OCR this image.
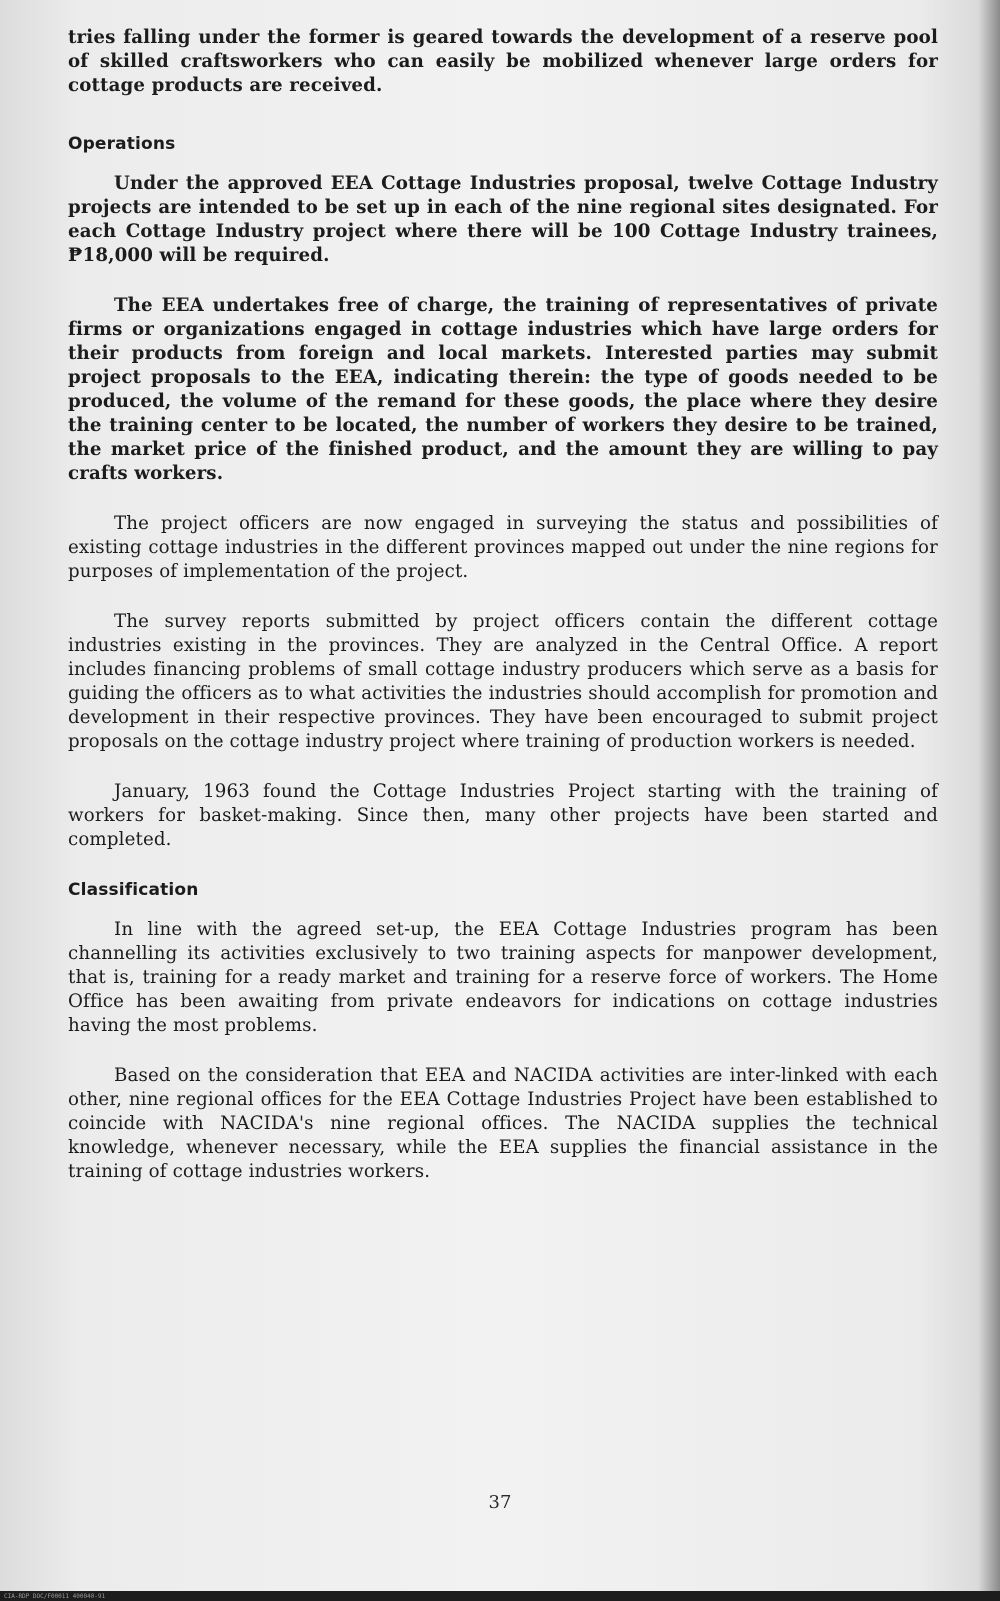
tries falling under the former is geared towards the development of a reserve pool of skilled craftsworkers who can easily be mobilized whenever large orders for cottage products are received.

Operations

Under the approved EEA Cottage Industries proposal, twelve Cottage Industry projects are intended to be set up in each of the nine regional sites designated. For each Cottage Industry project where there will be 100 Cottage Industry trainees, ₱18,000 will be required.

The EEA undertakes free of charge, the training of representatives of private firms or organizations engaged in cottage industries which have large orders for their products from foreign and local markets. Interested parties may submit project proposals to the EEA, indicating therein: the type of goods needed to be produced, the volume of the remand for these goods, the place where they desire the training center to be located, the number of workers they desire to be trained, the market price of the finished product, and the amount they are willing to pay crafts workers.

The project officers are now engaged in surveying the status and possibilities of existing cottage industries in the different provinces mapped out under the nine regions for purposes of implementation of the project.

The survey reports submitted by project officers contain the different cottage industries existing in the provinces. They are analyzed in the Central Office. A report includes financing problems of small cottage industry producers which serve as a basis for guiding the officers as to what activities the industries should accomplish for promotion and development in their respective provinces. They have been encouraged to submit project proposals on the cottage industry project where training of production workers is needed.

January, 1963 found the Cottage Industries Project starting with the training of workers for basket-making. Since then, many other projects have been started and completed.

Classification

In line with the agreed set-up, the EEA Cottage Industries program has been channelling its activities exclusively to two training aspects for manpower development, that is, training for a ready market and training for a reserve force of workers. The Home Office has been awaiting from private endeavors for indications on cottage industries having the most problems.

Based on the consideration that EEA and NACIDA activities are inter-linked with each other, nine regional offices for the EEA Cottage Industries Project have been established to coincide with NACIDA's nine regional offices. The NACIDA supplies the technical knowledge, whenever necessary, while the EEA supplies the financial assistance in the training of cottage industries workers.

37
CIA-RDP DOC/F00011 400040-91
